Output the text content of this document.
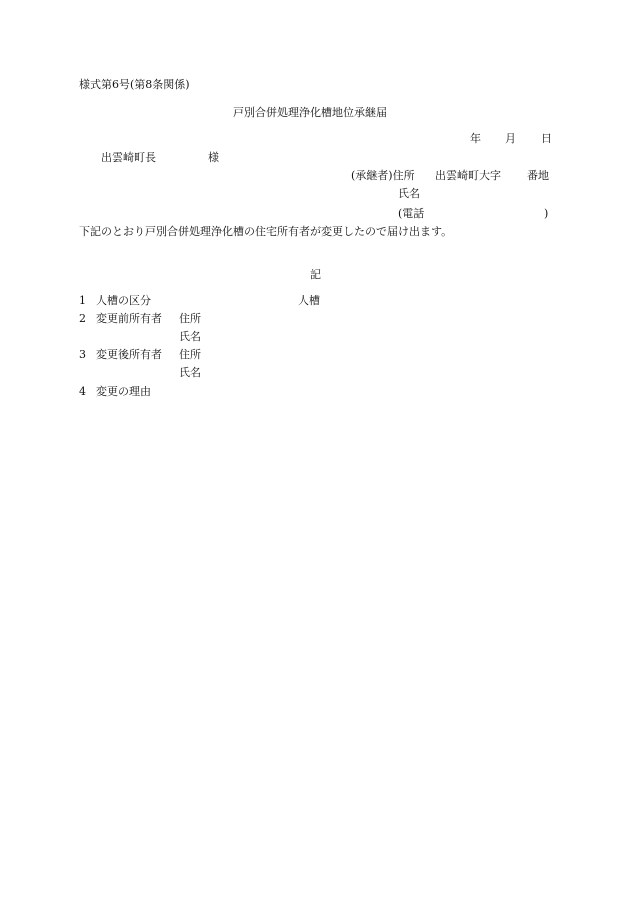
様式第6号(第8条関係)
戸別合併処理浄化槽地位承継届
年 月 日
出雲崎町長	様
(承継者)住所 出雲崎町大字 番地
氏名
(電話	)
下記のとおり戸別合併処理浄化槽の住宅所有者が変更したので届け出ます。
記
1 人槽の区分	人槽
2 変更前所有者 住所
氏名
3 変更後所有者 住所
氏名
4 変更の理由
